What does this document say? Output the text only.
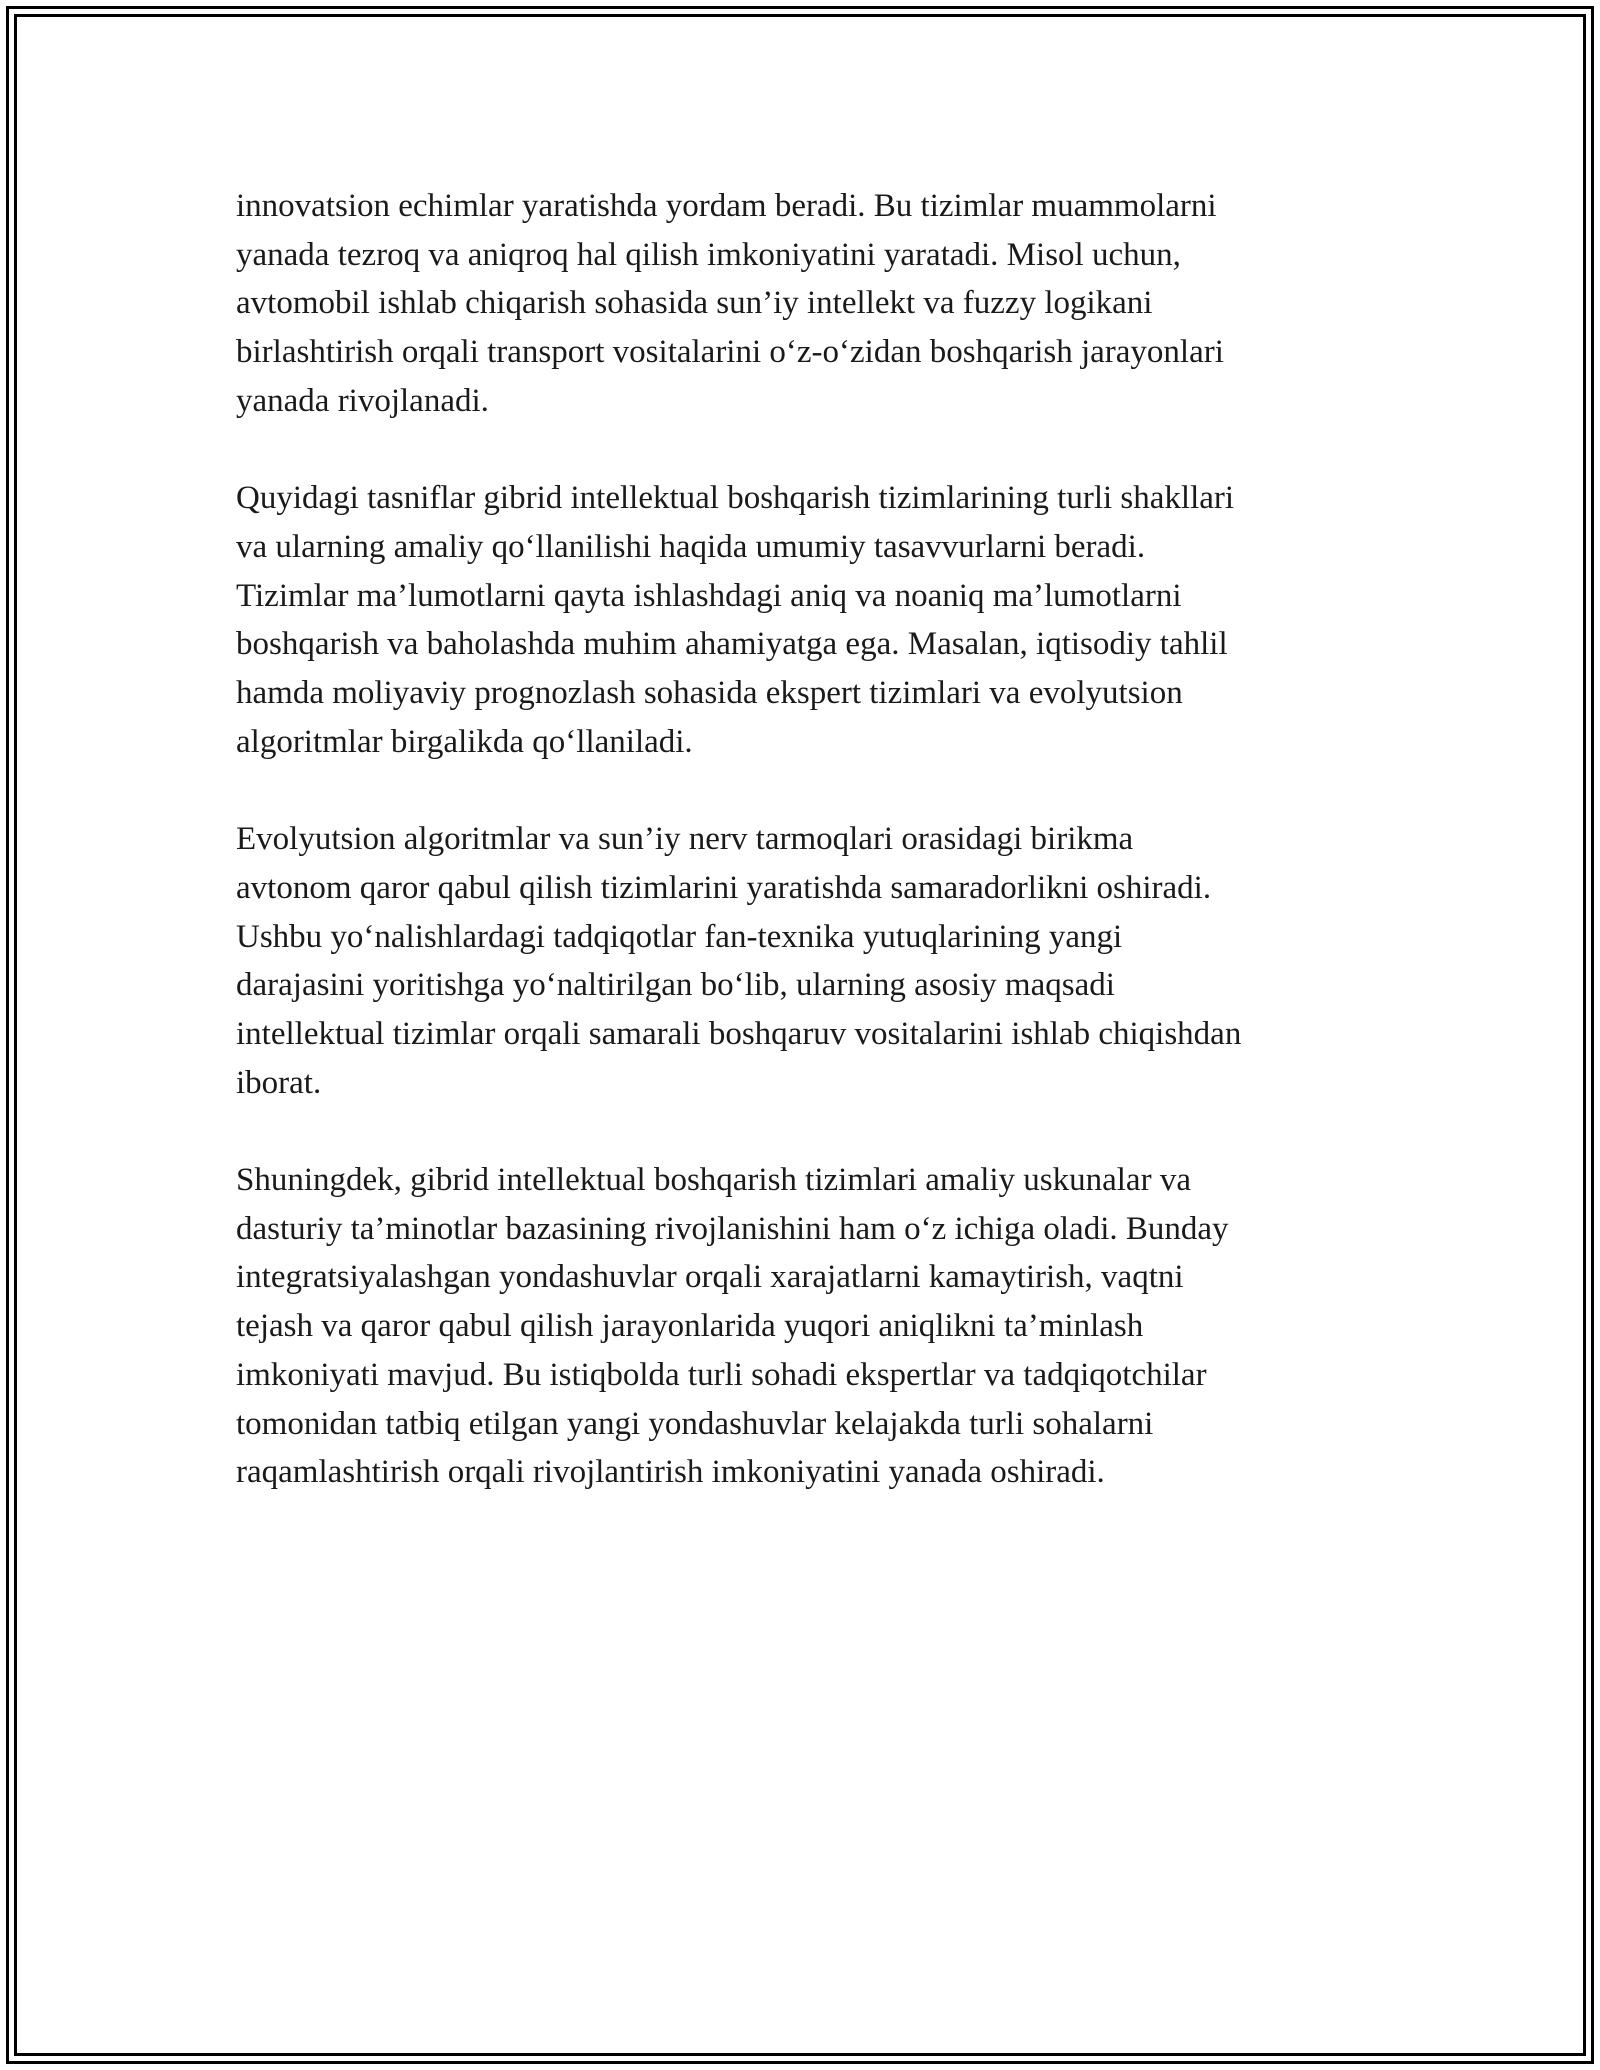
innovatsion echimlar yaratishda yordam beradi. Bu tizimlar muammolarni
yanada tezroq va aniqroq hal qilish imkoniyatini yaratadi. Misol uchun,
avtomobil ishlab chiqarish sohasida sun’iy intellekt va fuzzy logikani
birlashtirish orqali transport vositalarini o‘z-o‘zidan boshqarish jarayonlari
yanada rivojlanadi.

Quyidagi tasniflar gibrid intellektual boshqarish tizimlarining turli shakllari
va ularning amaliy qo‘llanilishi haqida umumiy tasavvurlarni beradi.
Tizimlar ma’lumotlarni qayta ishlashdagi aniq va noaniq ma’lumotlarni
boshqarish va baholashda muhim ahamiyatga ega. Masalan, iqtisodiy tahlil
hamda moliyaviy prognozlash sohasida ekspert tizimlari va evolyutsion
algoritmlar birgalikda qo‘llaniladi.

Evolyutsion algoritmlar va sun’iy nerv tarmoqlari orasidagi birikma
avtonom qaror qabul qilish tizimlarini yaratishda samaradorlikni oshiradi.
Ushbu yo‘nalishlardagi tadqiqotlar fan-texnika yutuqlarining yangi
darajasini yoritishga yo‘naltirilgan bo‘lib, ularning asosiy maqsadi
intellektual tizimlar orqali samarali boshqaruv vositalarini ishlab chiqishdan
iborat.

Shuningdek, gibrid intellektual boshqarish tizimlari amaliy uskunalar va
dasturiy ta’minotlar bazasining rivojlanishini ham o‘z ichiga oladi. Bunday
integratsiyalashgan yondashuvlar orqali xarajatlarni kamaytirish, vaqtni
tejash va qaror qabul qilish jarayonlarida yuqori aniqlikni ta’minlash
imkoniyati mavjud. Bu istiqbolda turli sohadi ekspertlar va tadqiqotchilar
tomonidan tatbiq etilgan yangi yondashuvlar kelajakda turli sohalarni
raqamlashtirish orqali rivojlantirish imkoniyatini yanada oshiradi.
